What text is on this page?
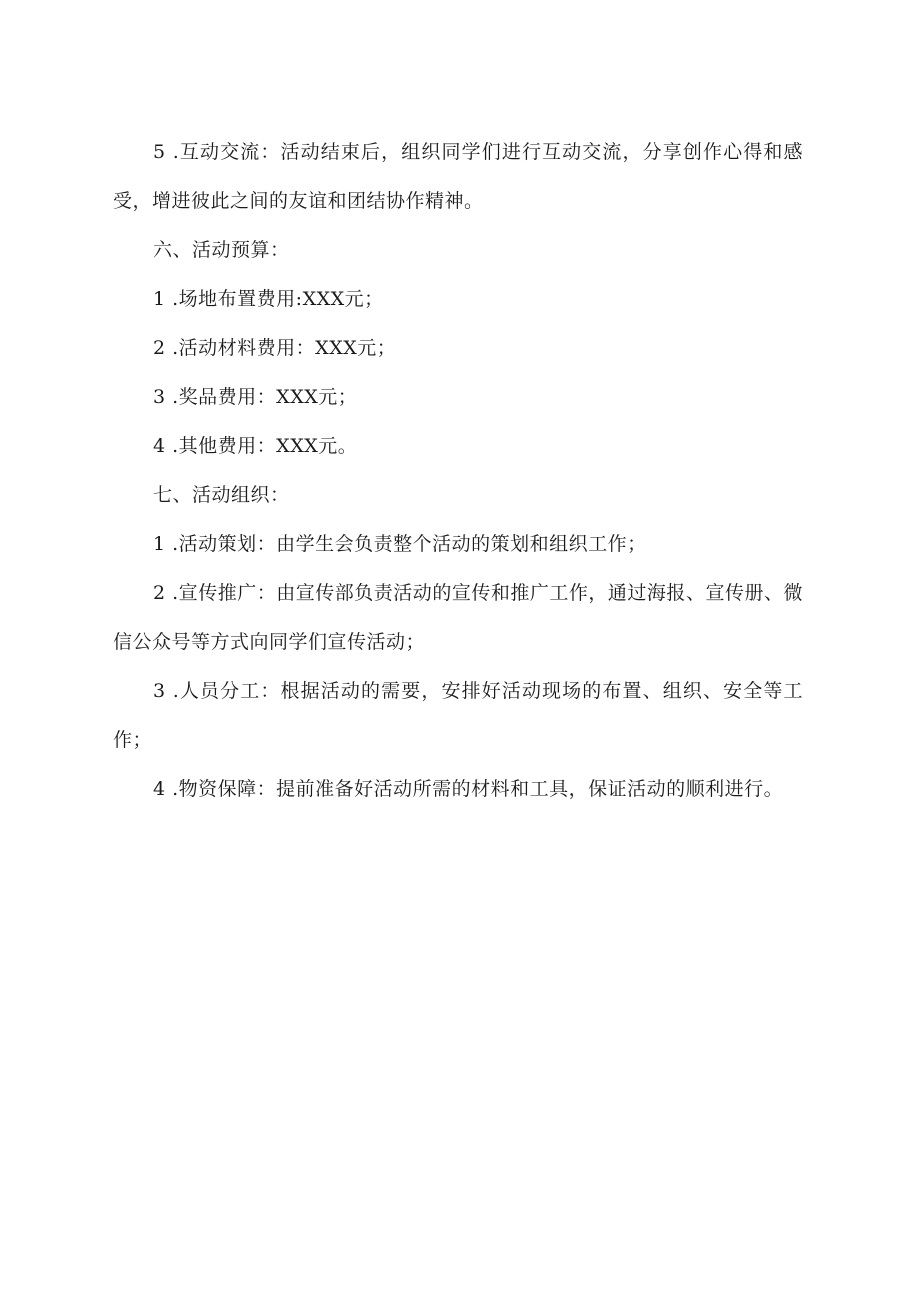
5 .互动交流：活动结束后，组织同学们进行互动交流，分享创作心得和感受，增进彼此之间的友谊和团结协作精神。

六、活动预算：

1 .场地布置费用:XXX元；

2 .活动材料费用：XXX元；

3 .奖品费用：XXX元；

4 .其他费用：XXX元。

七、活动组织：

1 .活动策划：由学生会负责整个活动的策划和组织工作；

2 .宣传推广：由宣传部负责活动的宣传和推广工作，通过海报、宣传册、微信公众号等方式向同学们宣传活动；

3 .人员分工：根据活动的需要，安排好活动现场的布置、组织、安全等工作；

4 .物资保障：提前准备好活动所需的材料和工具，保证活动的顺利进行。
